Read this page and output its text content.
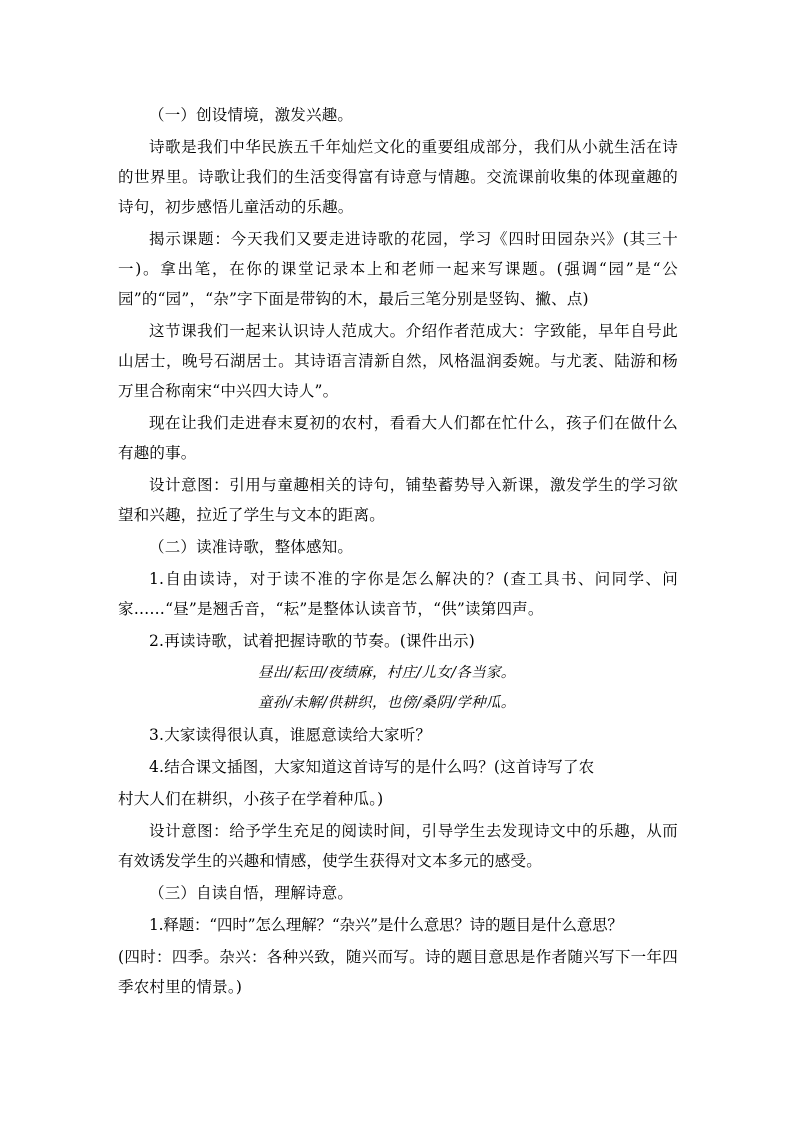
（一）创设情境，激发兴趣。

诗歌是我们中华民族五千年灿烂文化的重要组成部分，我们从小就生活在诗的世界里。诗歌让我们的生活变得富有诗意与情趣。交流课前收集的体现童趣的诗句，初步感悟儿童活动的乐趣。

揭示课题：今天我们又要走进诗歌的花园，学习《四时田园杂兴》(其三十一)。拿出笔，在你的课堂记录本上和老师一起来写课题。(强调“园”是“公园”的“园”，“杂”字下面是带钩的木，最后三笔分别是竖钩、撇、点)

这节课我们一起来认识诗人范成大。介绍作者范成大：字致能，早年自号此山居士，晚号石湖居士。其诗语言清新自然，风格温润委婉。与尤袤、陆游和杨万里合称南宋“中兴四大诗人”。

现在让我们走进春末夏初的农村，看看大人们都在忙什么，孩子们在做什么有趣的事。

设计意图：引用与童趣相关的诗句，铺垫蓄势导入新课，激发学生的学习欲望和兴趣，拉近了学生与文本的距离。

（二）读准诗歌，整体感知。

1.自由读诗，对于读不准的字你是怎么解决的？(查工具书、问同学、问家……“昼”是翘舌音，“耘”是整体认读音节，“供”读第四声。

2.再读诗歌，试着把握诗歌的节奏。(课件出示)

昼出/耘田/夜绩麻，村庄/儿女/各当家。

童孙/未解/供耕织，也傍/桑阴/学种瓜。

3.大家读得很认真，谁愿意读给大家听？

4.结合课文插图，大家知道这首诗写的是什么吗？(这首诗写了农

村大人们在耕织，小孩子在学着种瓜。)

设计意图：给予学生充足的阅读时间，引导学生去发现诗文中的乐趣，从而有效诱发学生的兴趣和情感，使学生获得对文本多元的感受。

（三）自读自悟，理解诗意。

1.释题：“四时”怎么理解？“杂兴”是什么意思？诗的题目是什么意思？

(四时：四季。杂兴：各种兴致，随兴而写。诗的题目意思是作者随兴写下一年四季农村里的情景。)
